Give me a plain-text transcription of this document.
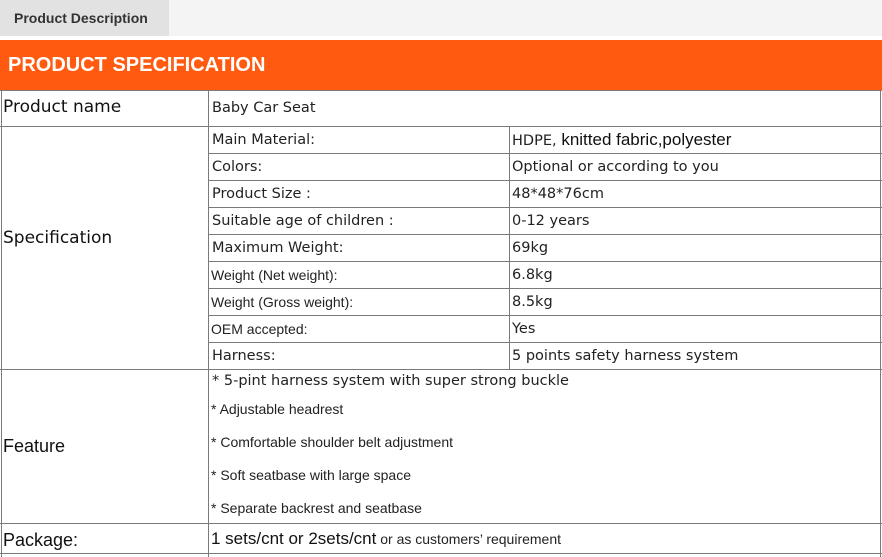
Product Description
PRODUCT SPECIFICATION
Product name	Baby Car Seat
Specification
Main Material:	HDPE, knitted fabric,polyester
Colors:	Optional or according to you
Product Size :	48*48*76cm
Suitable age of children :	0-12 years
Maximum Weight:	69kg
Weight (Net weight):	6.8kg
Weight (Gross weight):	8.5kg
OEM accepted:	Yes
Harness:	5 points safety harness system
Feature
* 5-pint harness system with super strong buckle
* Adjustable headrest
* Comfortable shoulder belt adjustment
* Soft seatbase with large space
* Separate backrest and seatbase
Package:	1 sets/cnt or 2sets/cnt or as customers’ requirement
